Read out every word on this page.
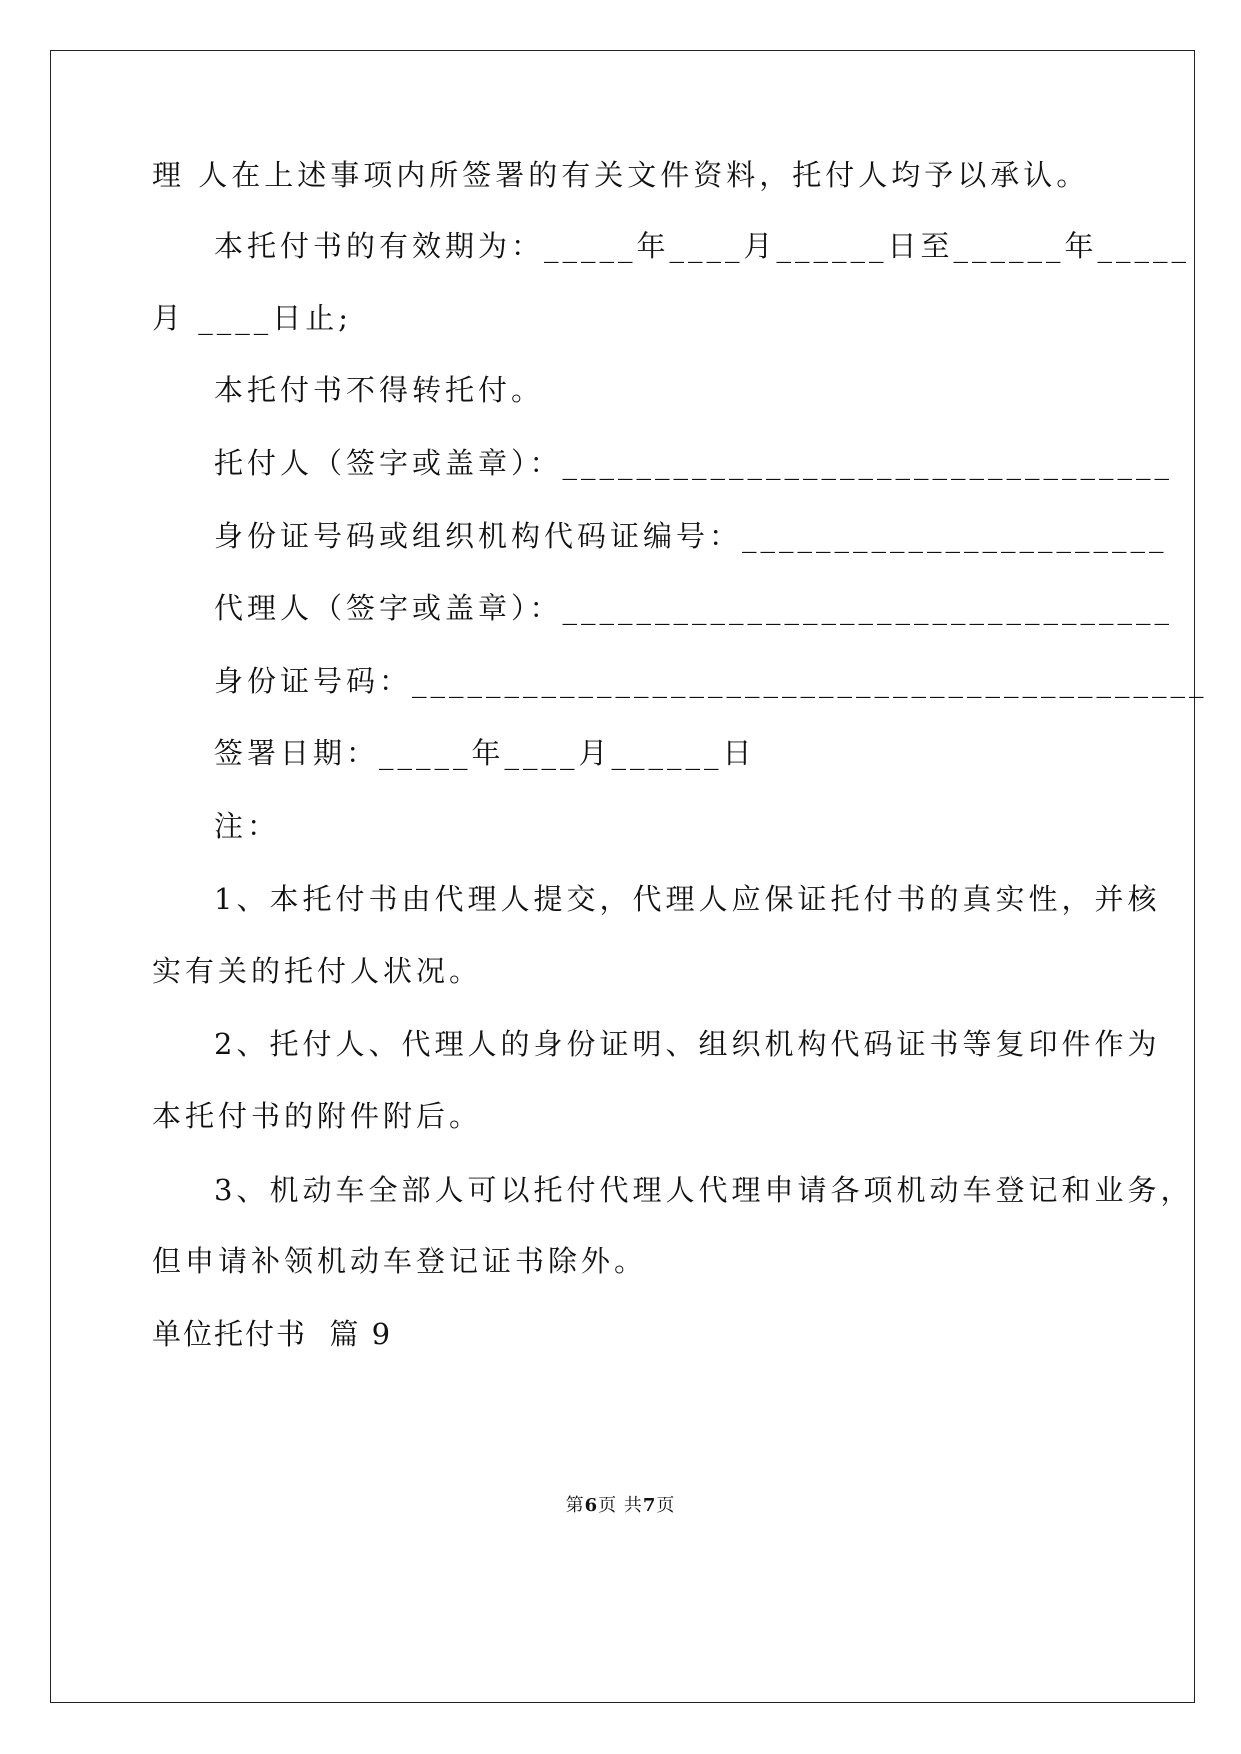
理 人在上述事项内所签署的有关文件资料，托付人均予以承认。
本托付书的有效期为：_____年____月______日至______年_____
月 ____日止;
本托付书不得转托付。
托付人（签字或盖章）：_________________________________
身份证号码或组织机构代码证编号：_______________________
代理人（签字或盖章）：_________________________________
身份证号码：___________________________________________
签署日期：_____年____月______日
注：
1、本托付书由代理人提交，代理人应保证托付书的真实性，并核
实有关的托付人状况。
2、托付人、代理人的身份证明、组织机构代码证书等复印件作为
本托付书的附件附后。
3、机动车全部人可以托付代理人代理申请各项机动车登记和业务，
但申请补领机动车登记证书除外。
单位托付书  篇 9
第6页 共7页
